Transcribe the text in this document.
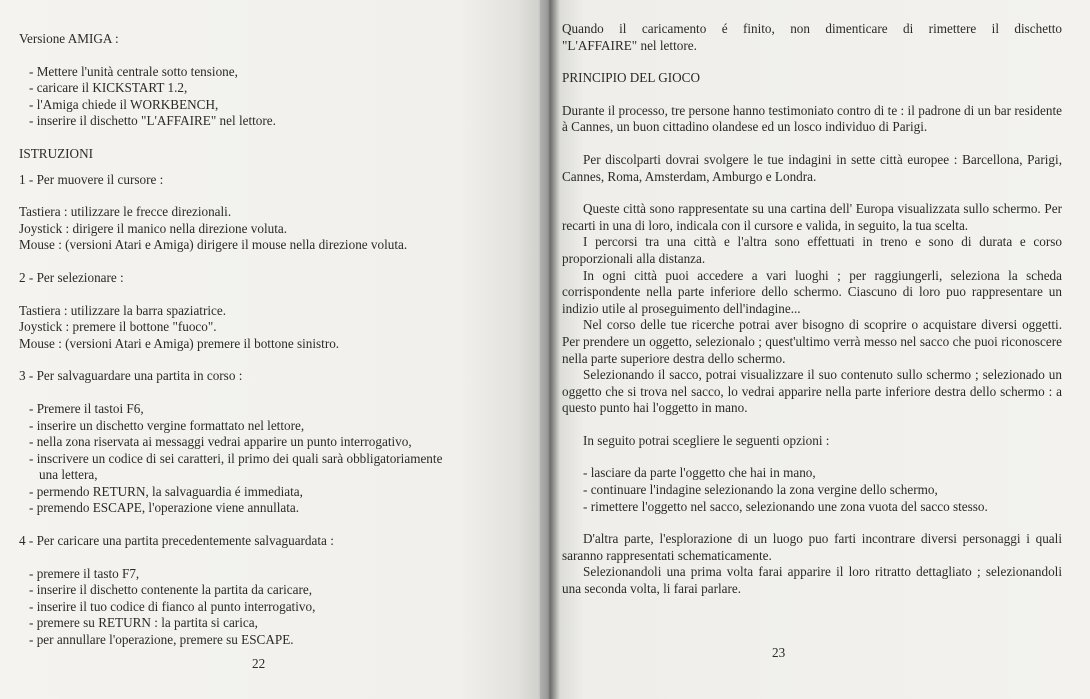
Versione AMIGA :

- Mettere l'unità centrale sotto tensione,

- caricare il KICKSTART 1.2,

- l'Amiga chiede il WORKBENCH,

- inserire il dischetto "L'AFFAIRE" nel lettore.

ISTRUZIONI

1 - Per muovere il cursore :

Tastiera : utilizzare le frecce direzionali.

Joystick : dirigere il manico nella direzione voluta.

Mouse : (versioni Atari e Amiga) dirigere il mouse nella direzione voluta.

2 - Per selezionare :

Tastiera : utilizzare la barra spaziatrice.

Joystick : premere il bottone "fuoco".

Mouse : (versioni Atari e Amiga) premere il bottone sinistro.

3 - Per salvaguardare una partita in corso :

- Premere il tastoi F6,

- inserire un dischetto vergine formattato nel lettore,

- nella zona riservata ai messaggi vedrai apparire un punto interrogativo,

- inscrivere un codice di sei caratteri, il primo dei quali sarà obbligatoriamente

una lettera,

- permendo RETURN, la salvaguardia é immediata,

- premendo ESCAPE, l'operazione viene annullata.

4 - Per caricare una partita precedentemente salvaguardata :

- premere il tasto F7,

- inserire il dischetto contenente la partita da caricare,

- inserire il tuo codice di fianco al punto interrogativo,

- premere su RETURN : la partita si carica,

- per annullare l'operazione, premere su ESCAPE.

22

Quando il caricamento é finito, non dimenticare di rimettere il dischetto

"L'AFFAIRE" nel lettore.

PRINCIPIO DEL GIOCO

Durante il processo, tre persone hanno testimoniato contro di te : il padrone di un bar residente à Cannes, un buon cittadino olandese ed un losco individuo di Parigi.

Per discolparti dovrai svolgere le tue indagini in sette città europee : Barcellona, Parigi, Cannes, Roma, Amsterdam, Amburgo e Londra.

Queste città sono rappresentate su una cartina dell' Europa visualizzata sullo schermo. Per recarti in una di loro, indicala con il cursore e valida, in seguito, la tua scelta.

I percorsi tra una città e l'altra sono effettuati in treno e sono di durata e corso proporzionali alla distanza.

In ogni città puoi accedere a vari luoghi ; per raggiungerli, seleziona la scheda corrispondente nella parte inferiore dello schermo. Ciascuno di loro puo rappresentare un indizio utile al proseguimento dell'indagine...

Nel corso delle tue ricerche potrai aver bisogno di scoprire o acquistare diversi oggetti. Per prendere un oggetto, selezionalo ; quest'ultimo verrà messo nel sacco che puoi riconoscere nella parte superiore destra dello schermo.

Selezionando il sacco, potrai visualizzare il suo contenuto sullo schermo ; selezionado un oggetto che si trova nel sacco, lo vedrai apparire nella parte inferiore destra dello schermo : a questo punto hai l'oggetto in mano.

In seguito potrai scegliere le seguenti opzioni :

- lasciare da parte l'oggetto che hai in mano,

- continuare l'indagine selezionando la zona vergine dello schermo,

- rimettere l'oggetto nel sacco, selezionando une zona vuota del sacco stesso.

D'altra parte, l'esplorazione di un luogo puo farti incontrare diversi personaggi i quali saranno rappresentati schematicamente.

Selezionandoli una prima volta farai apparire il loro ritratto dettagliato ; selezionandoli una seconda volta, li farai parlare.

23
